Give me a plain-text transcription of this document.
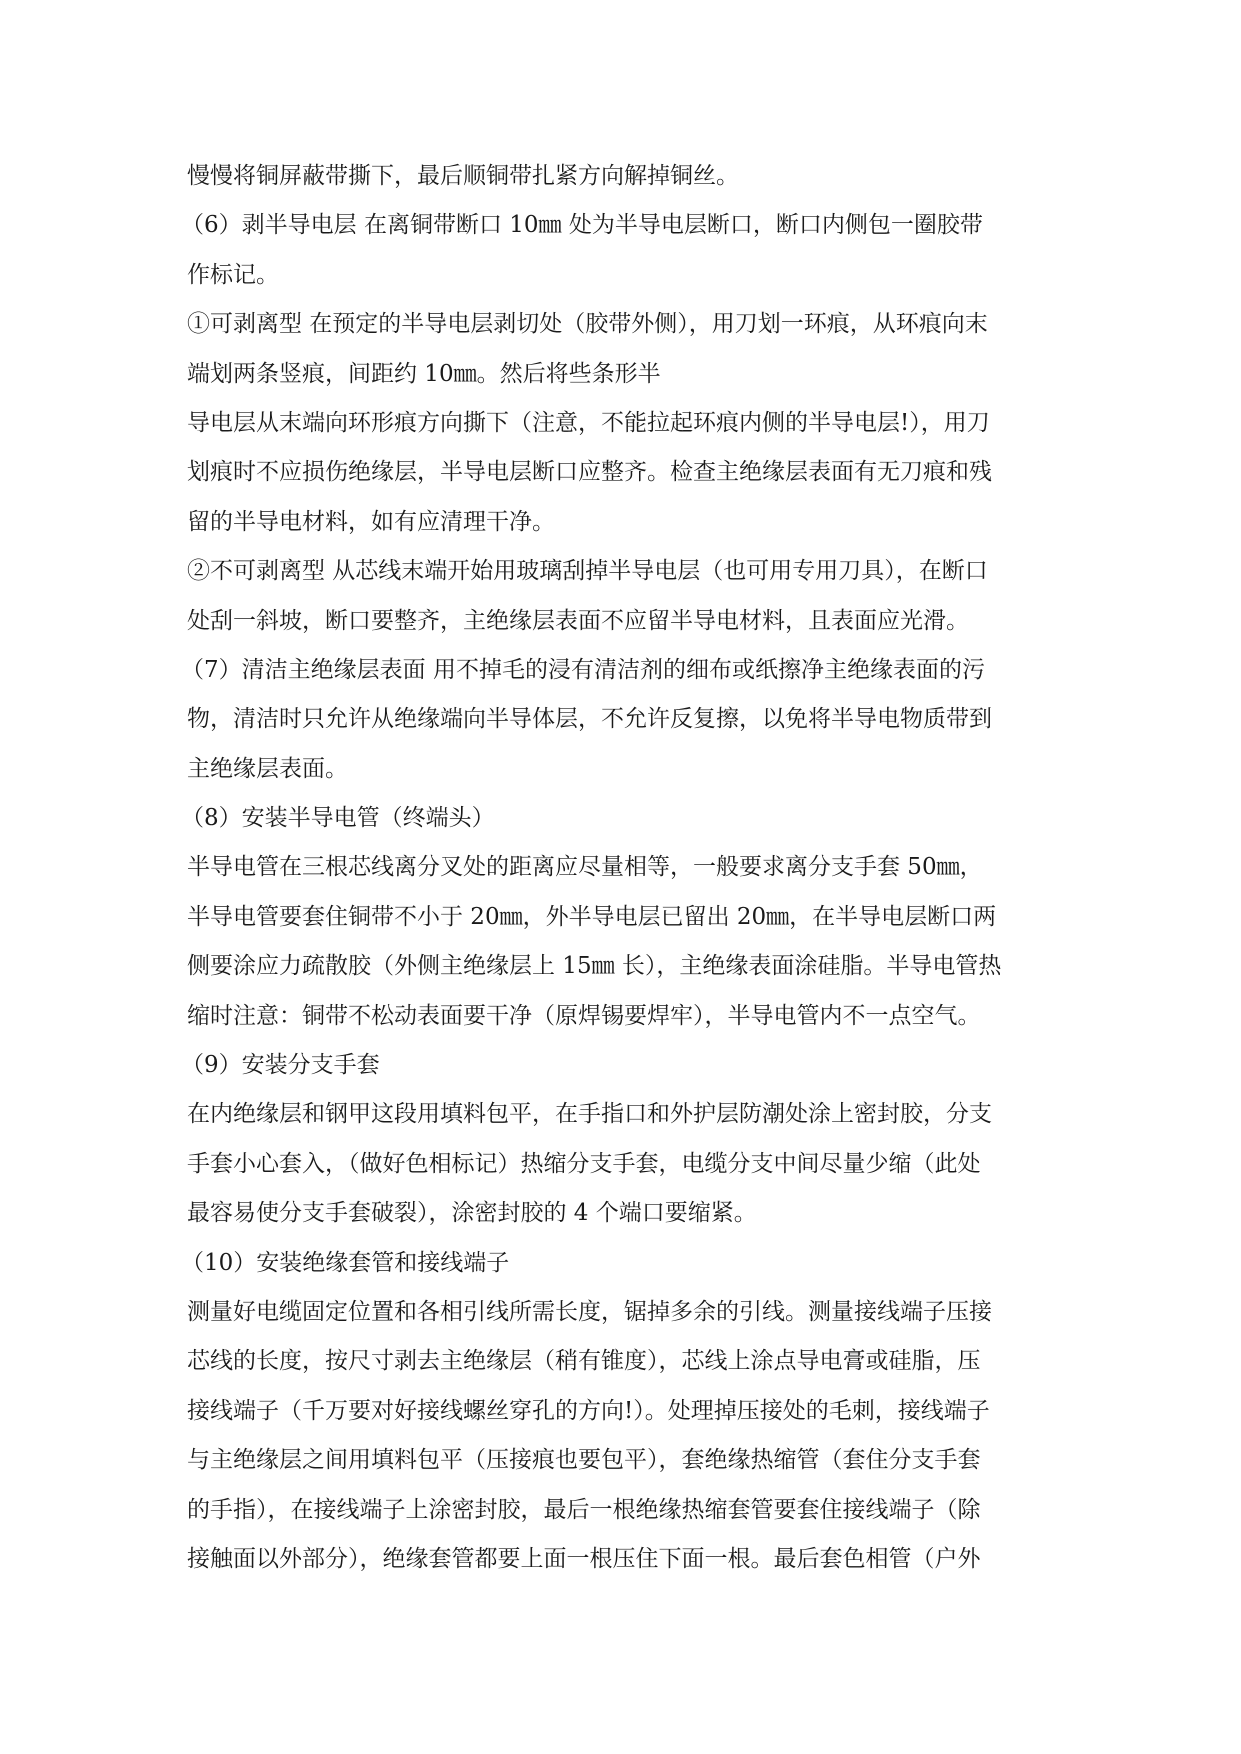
慢慢将铜屏蔽带撕下，最后顺铜带扎紧方向解掉铜丝。
（6）剥半导电层 在离铜带断口 10㎜ 处为半导电层断口，断口内侧包一圈胶带
作标记。
①可剥离型 在预定的半导电层剥切处（胶带外侧），用刀划一环痕，从环痕向末
端划两条竖痕，间距约 10㎜。然后将些条形半
导电层从末端向环形痕方向撕下（注意，不能拉起环痕内侧的半导电层!），用刀
划痕时不应损伤绝缘层，半导电层断口应整齐。检查主绝缘层表面有无刀痕和残
留的半导电材料，如有应清理干净。
②不可剥离型 从芯线末端开始用玻璃刮掉半导电层（也可用专用刀具），在断口
处刮一斜坡，断口要整齐，主绝缘层表面不应留半导电材料，且表面应光滑。
（7）清洁主绝缘层表面 用不掉毛的浸有清洁剂的细布或纸擦净主绝缘表面的污
物，清洁时只允许从绝缘端向半导体层，不允许反复擦，以免将半导电物质带到
主绝缘层表面。
（8）安装半导电管（终端头）
半导电管在三根芯线离分叉处的距离应尽量相等，一般要求离分支手套 50㎜，
半导电管要套住铜带不小于 20㎜，外半导电层已留出 20㎜，在半导电层断口两
侧要涂应力疏散胶（外侧主绝缘层上 15㎜ 长），主绝缘表面涂硅脂。半导电管热
缩时注意：铜带不松动表面要干净（原焊锡要焊牢），半导电管内不一点空气。
（9）安装分支手套
在内绝缘层和钢甲这段用填料包平，在手指口和外护层防潮处涂上密封胶，分支
手套小心套入，（做好色相标记）热缩分支手套，电缆分支中间尽量少缩（此处
最容易使分支手套破裂），涂密封胶的 4 个端口要缩紧。
（10）安装绝缘套管和接线端子
测量好电缆固定位置和各相引线所需长度，锯掉多余的引线。测量接线端子压接
芯线的长度，按尺寸剥去主绝缘层（稍有锥度），芯线上涂点导电膏或硅脂，压
接线端子（千万要对好接线螺丝穿孔的方向!）。处理掉压接处的毛刺，接线端子
与主绝缘层之间用填料包平（压接痕也要包平），套绝缘热缩管（套住分支手套
的手指），在接线端子上涂密封胶，最后一根绝缘热缩套管要套住接线端子（除
接触面以外部分），绝缘套管都要上面一根压住下面一根。最后套色相管（户外
